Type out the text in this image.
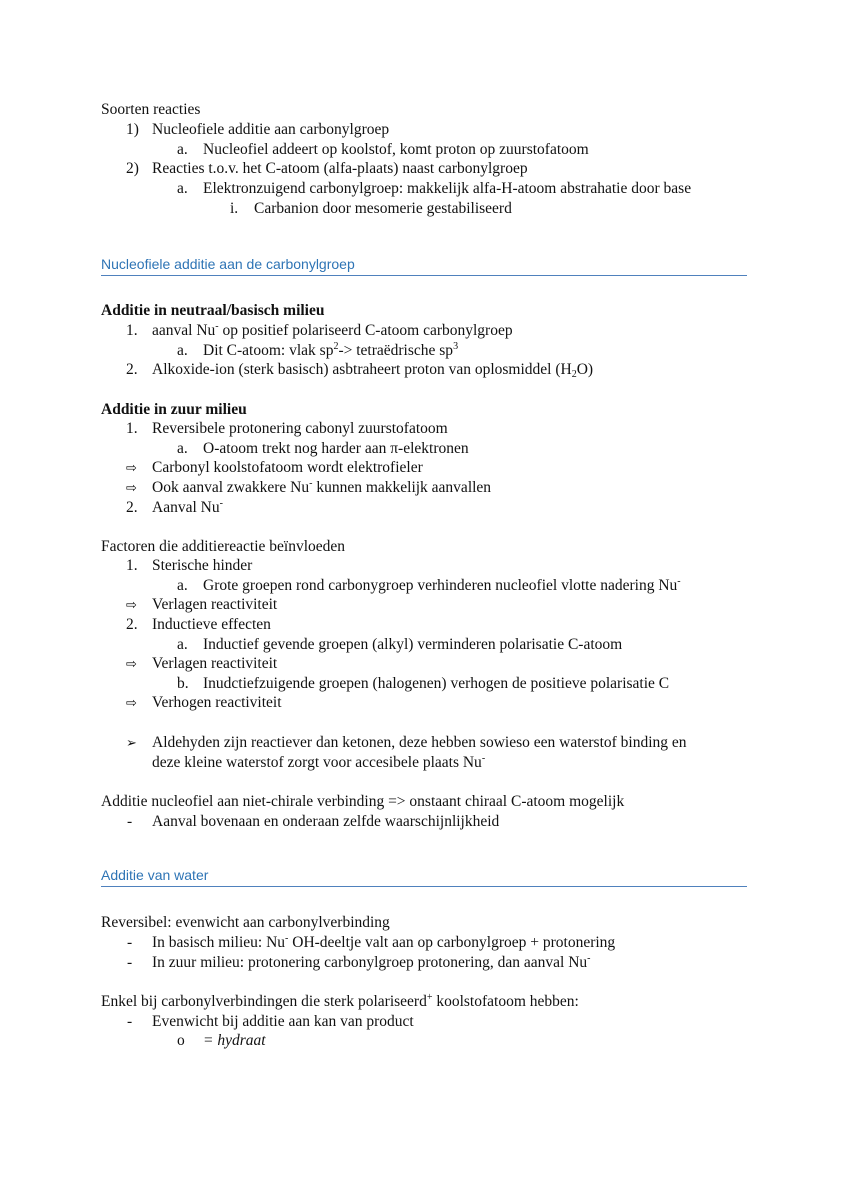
Soorten reacties
1) Nucleofiele additie aan carbonylgroep
a. Nucleofiel addeert op koolstof, komt proton op zuurstofatoom
2) Reacties t.o.v. het C-atoom (alfa-plaats) naast carbonylgroep
a. Elektronzuigend carbonylgroep: makkelijk alfa-H-atoom abstrahatie door base
i. Carbanion door mesomerie gestabiliseerd
Nucleofiele additie aan de carbonylgroep
Additie in neutraal/basisch milieu
1. aanval Nu- op positief polariseerd C-atoom carbonylgroep
a. Dit C-atoom: vlak $sp^2->$ tetraëdrische $sp^3$
2. Alkoxide-ion (sterk basisch) asbtraheert proton van oplosmiddel $(H_2O)$
Additie in zuur milieu
1. Reversibele protonering cabonyl zuurstofatoom
a. O-atoom trekt nog harder aan π-elektronen
⇨ Carbonyl koolstofatoom wordt elektrofieler
⇨ Ook aanval zwakkere Nu- kunnen makkelijk aanvallen
2. Aanval Nu-
Factoren die additiereactie beïnvloeden
1. Sterische hinder
a. Grote groepen rond carbonygroep verhinderen nucleofiel vlotte nadering Nu-
⇨ Verlagen reactiviteit
2. Inductieve effecten
a. Inductief gevende groepen (alkyl) verminderen polarisatie C-atoom
⇨ Verlagen reactiviteit
b. Inudctiefzuigende groepen (halogenen) verhogen de positieve polarisatie C
⇨ Verhogen reactiviteit
➢ Aldehyden zijn reactiever dan ketonen, deze hebben sowieso een waterstof binding en
deze kleine waterstof zorgt voor accesibele plaats Nu-
Additie nucleofiel aan niet-chirale verbinding => onstaant chiraal C-atoom mogelijk
- Aanval bovenaan en onderaan zelfde waarschijnlijkheid
Additie van water
Reversibel: evenwicht aan carbonylverbinding
- In basisch milieu: Nu- OH-deeltje valt aan op carbonylgroep + protonering
- In zuur milieu: protonering carbonylgroep protonering, dan aanval Nu-
Enkel bij carbonylverbindingen die sterk polariseerd+ koolstofatoom hebben:
- Evenwicht bij additie aan kan van product
o = hydraat
